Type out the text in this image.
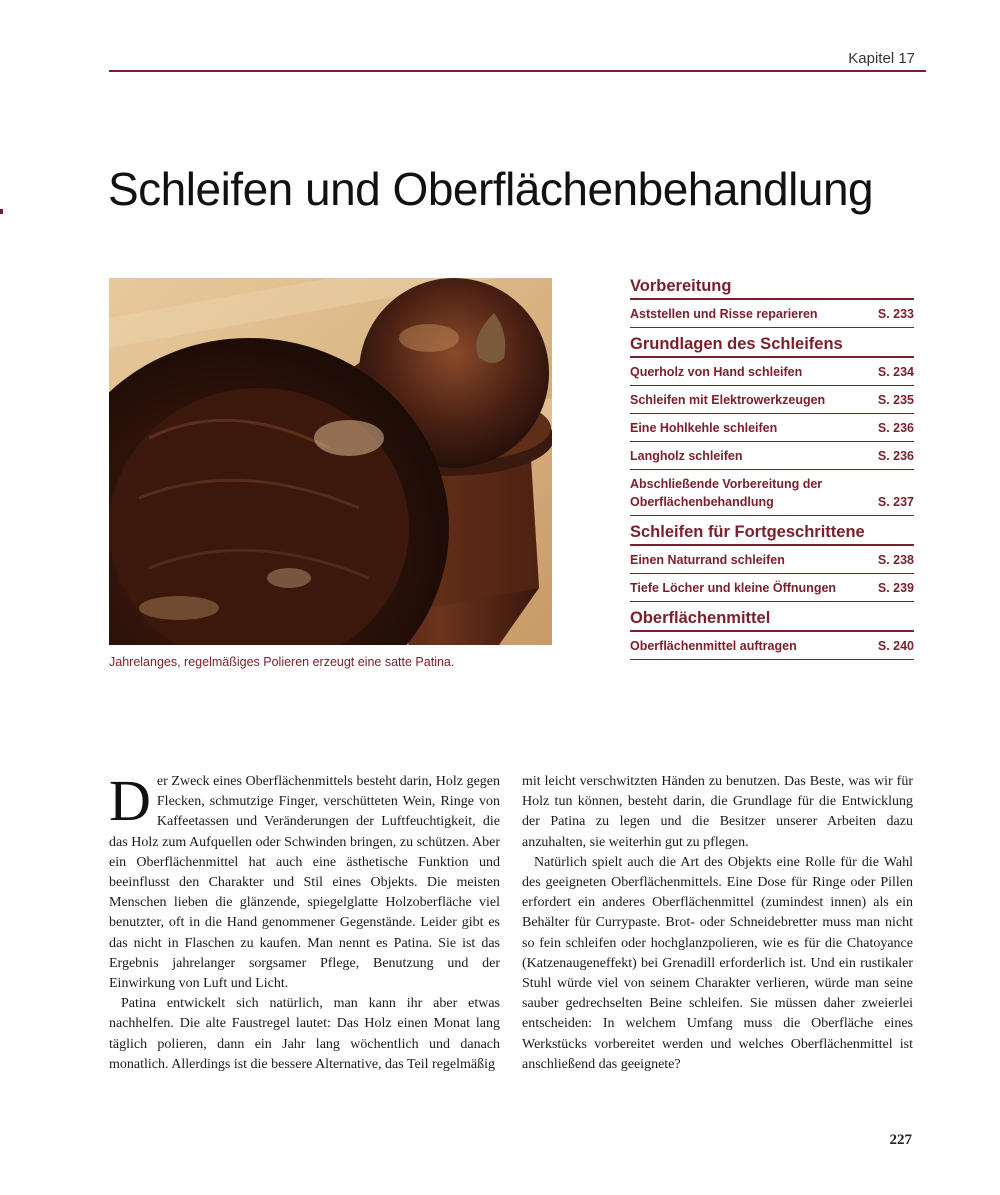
Kapitel 17
Schleifen und Oberflächenbehandlung
Jahrelanges, regelmäßiges Polieren erzeugt eine satte Patina.
Vorbereitung
Aststellen und Risse reparieren	S. 233
Grundlagen des Schleifens
Querholz von Hand schleifen	S. 234
Schleifen mit Elektrowerkzeugen	S. 235
Eine Hohlkehle schleifen	S. 236
Langholz schleifen	S. 236
Abschließende Vorbereitung der Oberflächenbehandlung	S. 237
Schleifen für Fortgeschrittene
Einen Naturrand schleifen	S. 238
Tiefe Löcher und kleine Öffnungen	S. 239
Oberflächenmittel
Oberflächenmittel auftragen	S. 240

Der Zweck eines Oberflächenmittels besteht darin, Holz gegen Flecken, schmutzige Finger, verschütteten Wein, Ringe von Kaffeetassen und Veränderungen der Luftfeuchtigkeit, die das Holz zum Aufquellen oder Schwinden bringen, zu schützen. Aber ein Oberflächenmittel hat auch eine ästhetische Funktion und beeinflusst den Charakter und Stil eines Objekts. Die meisten Menschen lieben die glänzende, spiegelglatte Holzoberfläche viel benutzter, oft in die Hand genommener Gegenstände. Leider gibt es das nicht in Flaschen zu kaufen. Man nennt es Patina. Sie ist das Ergebnis jahrelanger sorgsamer Pflege, Benutzung und der Einwirkung von Luft und Licht.

Patina entwickelt sich natürlich, man kann ihr aber etwas nachhelfen. Die alte Faustregel lautet: Das Holz einen Monat lang täglich polieren, dann ein Jahr lang wöchentlich und danach monatlich. Allerdings ist die bessere Alternative, das Teil regelmäßig

mit leicht verschwitzten Händen zu benutzen. Das Beste, was wir für Holz tun können, besteht darin, die Grundlage für die Entwicklung der Patina zu legen und die Besitzer unserer Arbeiten dazu anzuhalten, sie weiterhin gut zu pflegen.

Natürlich spielt auch die Art des Objekts eine Rolle für die Wahl des geeigneten Oberflächenmittels. Eine Dose für Ringe oder Pillen erfordert ein anderes Oberflächenmittel (zumindest innen) als ein Behälter für Currypaste. Brot- oder Schneidebretter muss man nicht so fein schleifen oder hochglanzpolieren, wie es für die Chatoyance (Katzenaugeneffekt) bei Grenadill erforderlich ist. Und ein rustikaler Stuhl würde viel von seinem Charakter verlieren, würde man seine sauber gedrechselten Beine schleifen. Sie müssen daher zweierlei entscheiden: In welchem Umfang muss die Oberfläche eines Werkstücks vorbereitet werden und welches Oberflächenmittel ist anschließend das geeignete?

227
